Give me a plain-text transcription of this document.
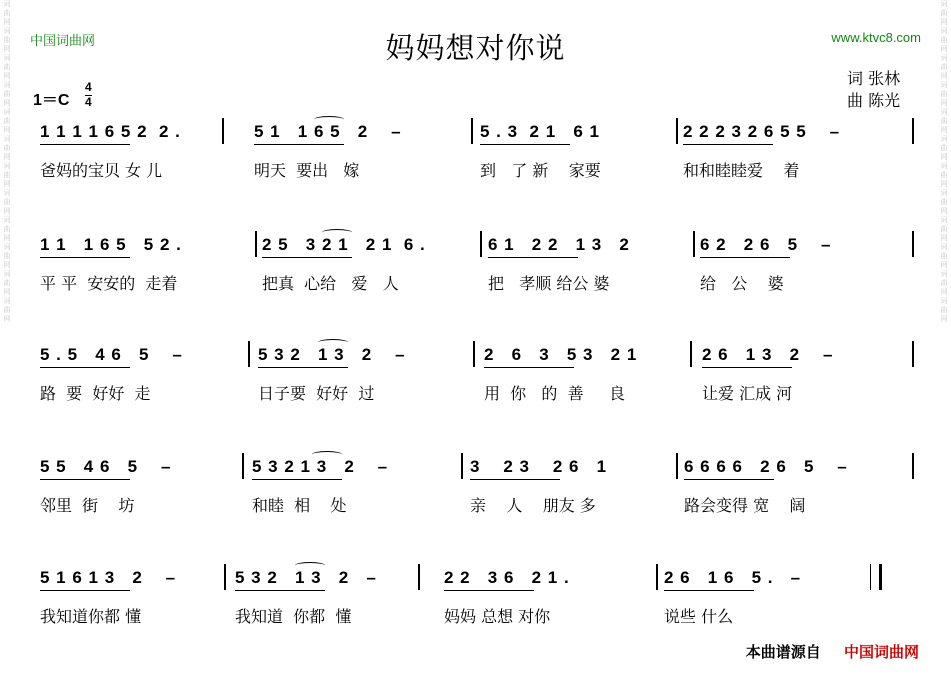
词曲网词曲网词曲网词曲网词曲网词曲网词曲网词曲网词曲网词曲网词曲网词曲网
词曲网词曲网词曲网词曲网词曲网词曲网词曲网词曲网词曲网词曲网词曲网词曲网
中国词曲网	www.ktvc8.com
妈妈想对你说
词 张林
曲 陈光
1＝C
4
4
1 1 1 1 6 5 2  2 .
爸妈的宝贝 女 儿
5 1   1 6 5   2    –
明天  要出   嫁
5 . 3  2 1   6 1
到   了 新    家要
2 2 2 3 2 6 5 5    –
和和睦睦爱    着
1 1   1 6 5   5 2 .
平 平  安安的  走着
2 5   3 2 1   2 1  6 .
把真  心给   爱   人
6 1   2 2   1 3   2
把   孝顺 给公 婆
6 2   2 6   5    –
给   公    婆
5 . 5   4 6   5    –
路  要  好好  走
5 3 2   1 3   2    –
日子要  好好  过
2   6   3   5 3   2 1
用  你   的  善     良
2 6   1 3   2    –
让爱 汇成 河
5 5   4 6   5    –
邻里  街    坊
5 3 2 1 3   2    –
和睦  相    处
3    2 3    2 6   1
亲    人    朋友 多
6 6 6 6   2 6   5    –
路会变得 宽    阔
5 1 6 1 3   2    –
我知道你都 懂
5 3 2   1 3   2   –
我知道  你都  懂
2 2   3 6   2 1 .
妈妈 总想 对你
2 6   1 6   5 .   –
说些 什么
本曲谱源自 中国词曲网
